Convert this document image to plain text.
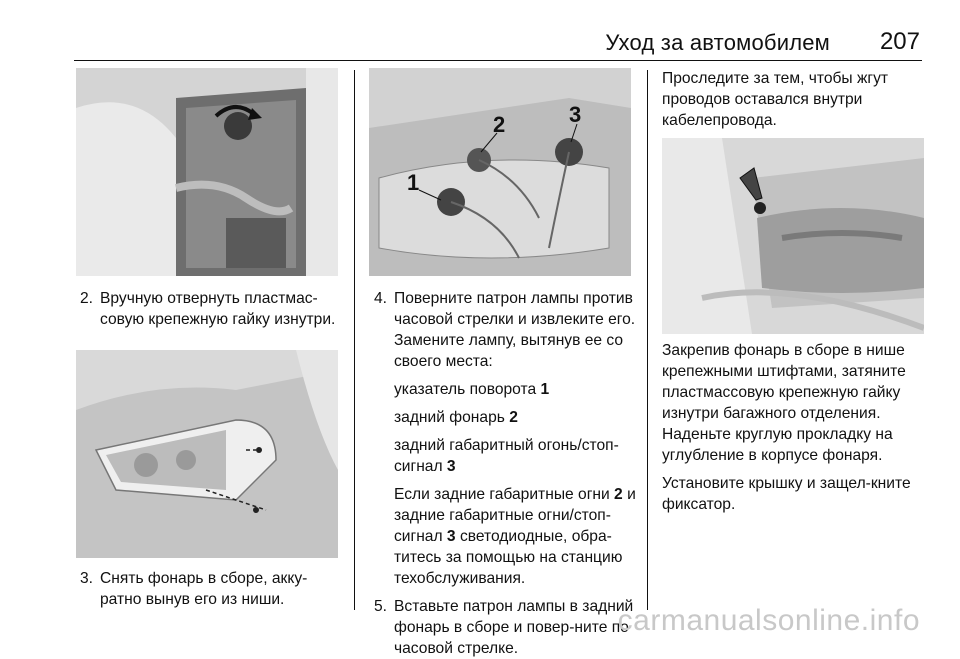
Уход за автомобилем 207
2. Вручную отвернуть пластмас-совую крепежную гайку изнутри.
3. Снять фонарь в сборе, акку-ратно вынув его из ниши.
1
2	3
4. Поверните патрон лампы против часовой стрелки и извлеките его. Замените лампу, вытянув ее со своего места:

указатель поворота 1

задний фонарь 2

задний габаритный огонь/стоп-сигнал 3

Если задние габаритные огни 2 и задние габаритные огни/стоп-сигнал 3 светодиодные, обра-титесь за помощью на станцию техобслуживания.

5. Вставьте патрон лампы в задний фонарь в сборе и повер-ните по часовой стрелке.

Проследите за тем, чтобы жгут проводов оставался внутри кабелепровода.

Закрепив фонарь в сборе в нише крепежными штифтами, затяните пластмассовую крепежную гайку изнутри багажного отделения.

Наденьте круглую прокладку на углубление в корпусе фонаря.

Установите крышку и защел-кните фиксатор.

carmanualsonline.info
